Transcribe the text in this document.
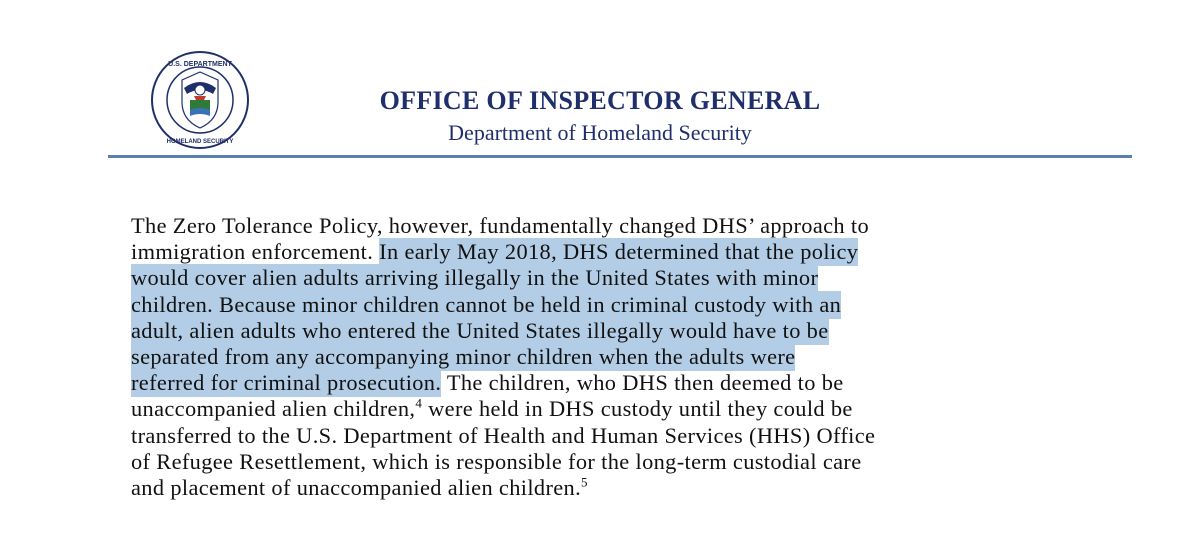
U.S. DEPARTMENT
HOMELAND SECURITY
OFFICE OF INSPECTOR GENERAL
Department of Homeland Security
The Zero Tolerance Policy, however, fundamentally changed DHS’ approach to
immigration enforcement. In early May 2018, DHS determined that the policy
would cover alien adults arriving illegally in the United States with minor
children. Because minor children cannot be held in criminal custody with an
adult, alien adults who entered the United States illegally would have to be
separated from any accompanying minor children when the adults were
referred for criminal prosecution. The children, who DHS then deemed to be
unaccompanied alien children,$^4$ were held in DHS custody until they could be
transferred to the U.S. Department of Health and Human Services (HHS) Office
of Refugee Resettlement, which is responsible for the long-term custodial care
and placement of unaccompanied alien children.$^5$
